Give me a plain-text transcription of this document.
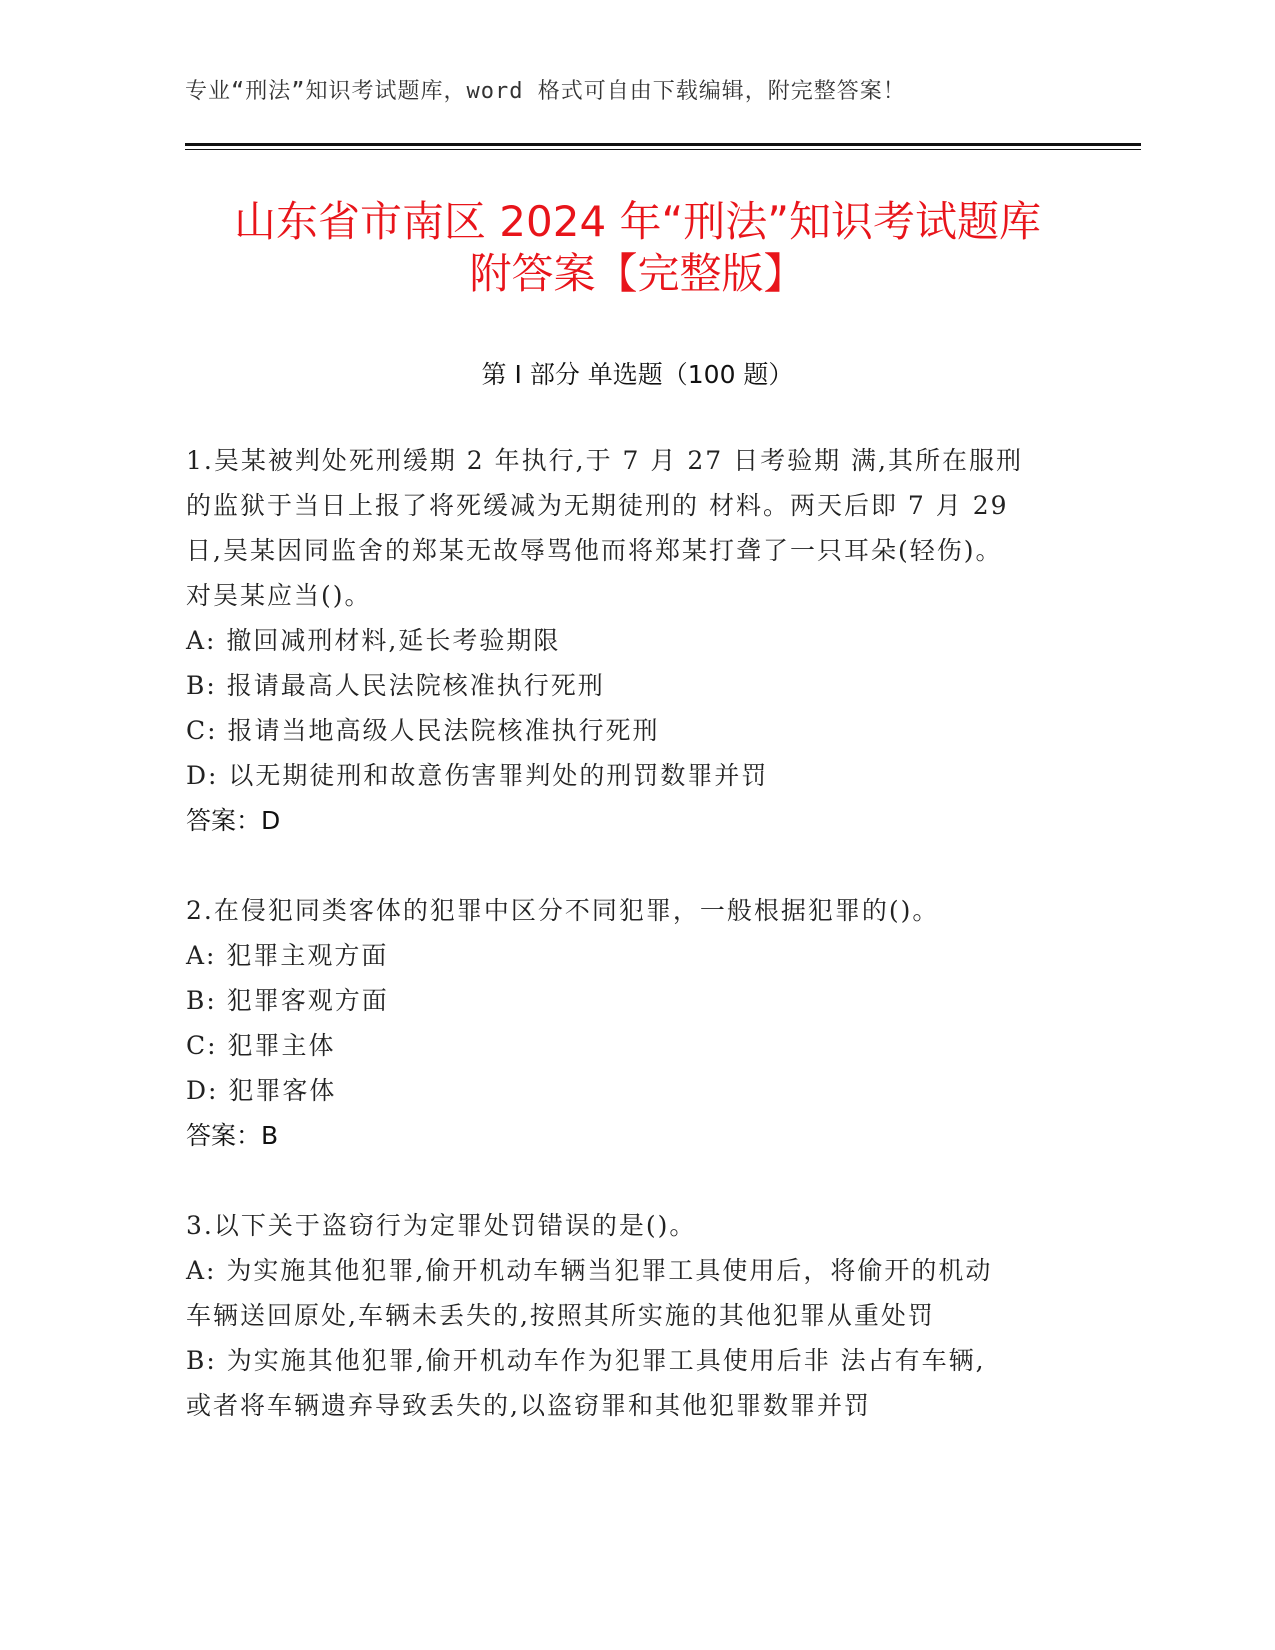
专业“刑法”知识考试题库，word 格式可自由下载编辑，附完整答案！
山东省市南区 2024 年“刑法”知识考试题库
附答案【完整版】
第 I 部分 单选题（100 题）
1.吴某被判处死刑缓期 2 年执行,于 7 月 27 日考验期 满,其所在服刑
的监狱于当日上报了将死缓减为无期徒刑的 材料。两天后即 7 月 29
日,吴某因同监舍的郑某无故辱骂他而将郑某打聋了一只耳朵(轻伤)。
对吴某应当()。
A: 撤回减刑材料,延长考验期限
B: 报请最高人民法院核准执行死刑
C: 报请当地高级人民法院核准执行死刑
D: 以无期徒刑和故意伤害罪判处的刑罚数罪并罚
答案：D
2.在侵犯同类客体的犯罪中区分不同犯罪，一般根据犯罪的()。
A: 犯罪主观方面
B: 犯罪客观方面
C: 犯罪主体
D: 犯罪客体
答案：B
3.以下关于盗窃行为定罪处罚错误的是()。
A: 为实施其他犯罪,偷开机动车辆当犯罪工具使用后，将偷开的机动
车辆送回原处,车辆未丢失的,按照其所实施的其他犯罪从重处罚
B: 为实施其他犯罪,偷开机动车作为犯罪工具使用后非 法占有车辆,
或者将车辆遗弃导致丢失的,以盗窃罪和其他犯罪数罪并罚
